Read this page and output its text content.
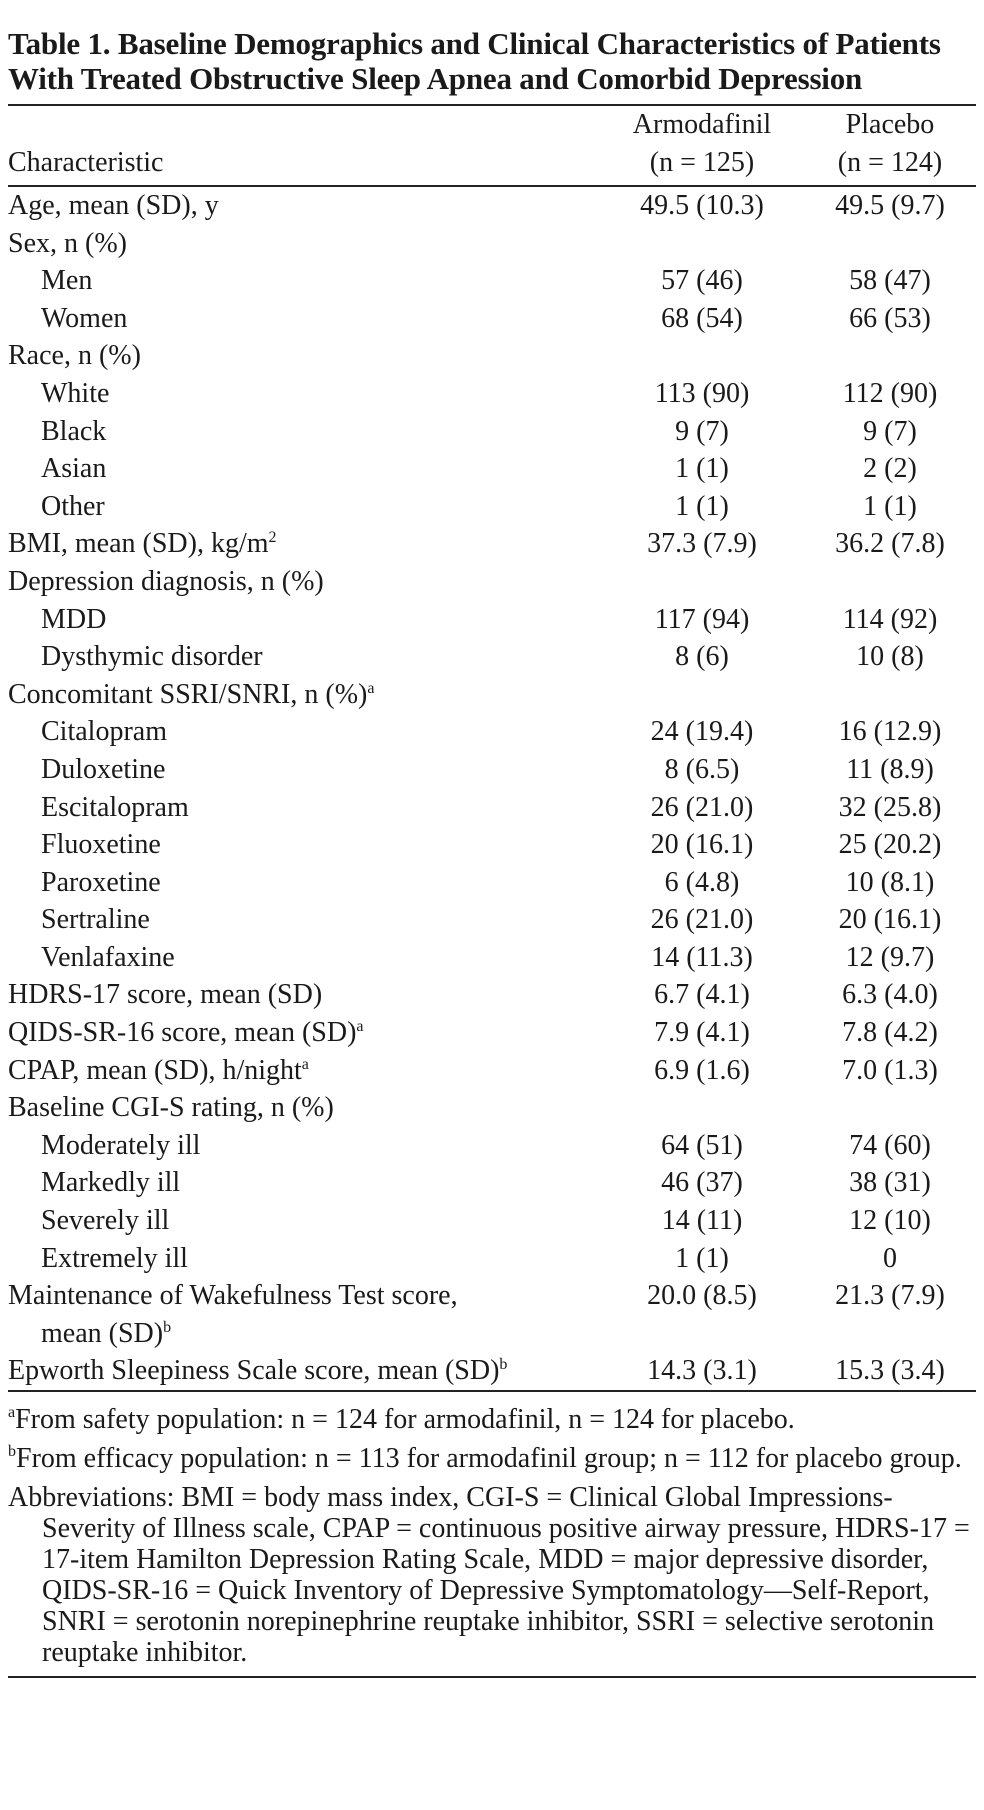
Table 1. Baseline Demographics and Clinical Characteristics of Patients With Treated Obstructive Sleep Apnea and Comorbid Depression
	Armodafinil	Placebo
Characteristic	(n = 125)	(n = 124)
Age, mean (SD), y	49.5 (10.3)	49.5 (9.7)
Sex, n (%)		
Men	57 (46)	58 (47)
Women	68 (54)	66 (53)
Race, n (%)		
White	113 (90)	112 (90)
Black	9 (7)	9 (7)
Asian	1 (1)	2 (2)
Other	1 (1)	1 (1)
BMI, mean (SD), $kg/m^2$	37.3 (7.9)	36.2 (7.8)
Depression diagnosis, n (%)		
MDD	117 (94)	114 (92)
Dysthymic disorder	8 (6)	10 (8)
Concomitant SSRI/SNRI, n (%)$^a$		
Citalopram	24 (19.4)	16 (12.9)
Duloxetine	8 (6.5)	11 (8.9)
Escitalopram	26 (21.0)	32 (25.8)
Fluoxetine	20 (16.1)	25 (20.2)
Paroxetine	6 (4.8)	10 (8.1)
Sertraline	26 (21.0)	20 (16.1)
Venlafaxine	14 (11.3)	12 (9.7)
HDRS-17 score, mean (SD)	6.7 (4.1)	6.3 (4.0)
QIDS-SR-16 score, mean (SD)$^a$	7.9 (4.1)	7.8 (4.2)
CPAP, mean (SD), h/night$^a$	6.9 (1.6)	7.0 (1.3)
Baseline CGI-S rating, n (%)		
Moderately ill	64 (51)	74 (60)
Markedly ill	46 (37)	38 (31)
Severely ill	14 (11)	12 (10)
Extremely ill	1 (1)	0
Maintenance of Wakefulness Test score,
mean (SD)$^b$	20.0 (8.5)	21.3 (7.9)
Epworth Sleepiness Scale score, mean (SD)$^b$	14.3 (3.1)	15.3 (3.4)
$^a$From safety population: n = 124 for armodafinil, n = 124 for placebo.
$^b$From efficacy population: n = 113 for armodafinil group; n = 112 for placebo group.
Abbreviations: BMI = body mass index, CGI-S = Clinical Global Impressions-Severity of Illness scale, CPAP = continuous positive airway pressure, HDRS-17 = 17-item Hamilton Depression Rating Scale, MDD = major depressive disorder, QIDS-SR-16 = Quick Inventory of Depressive Symptomatology—Self-Report, SNRI = serotonin norepinephrine reuptake inhibitor, SSRI = selective serotonin reuptake inhibitor.
